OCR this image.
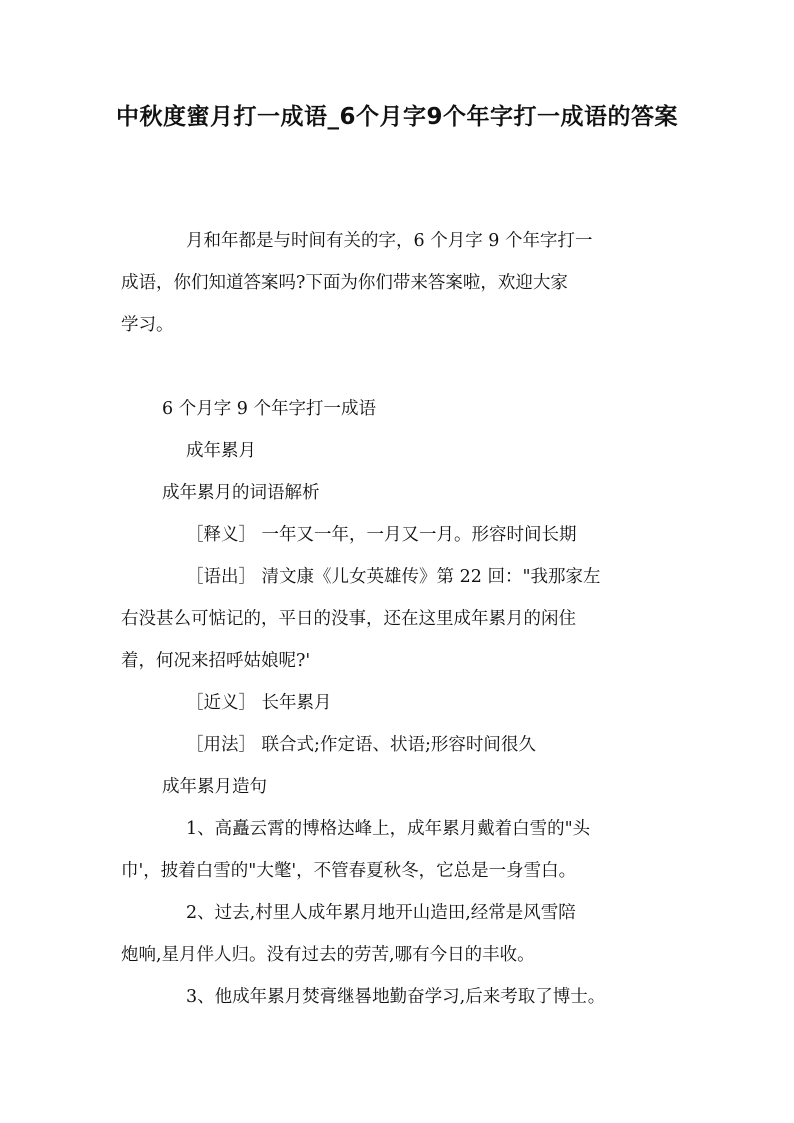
中秋度蜜月打一成语_6个月字9个年字打一成语的答案

月和年都是与时间有关的字，6 个月字 9 个年字打一

成语，你们知道答案吗?下面为你们带来答案啦，欢迎大家

学习。

6 个月字 9 个年字打一成语

成年累月

成年累月的词语解析

［释义］ 一年又一年，一月又一月。形容时间长期

［语出］ 清文康《儿女英雄传》第 22 回："我那家左

右没甚么可惦记的，平日的没事，还在这里成年累月的闲住

着，何况来招呼姑娘呢?'

［近义］ 长年累月

［用法］ 联合式;作定语、状语;形容时间很久

成年累月造句

1、高矗云霄的博格达峰上，成年累月戴着白雪的"头

巾'，披着白雪的"大氅'，不管春夏秋冬，它总是一身雪白。

2、过去,村里人成年累月地开山造田,经常是风雪陪

炮响,星月伴人归。没有过去的劳苦,哪有今日的丰收。

3、他成年累月焚膏继晷地勤奋学习,后来考取了博士。
